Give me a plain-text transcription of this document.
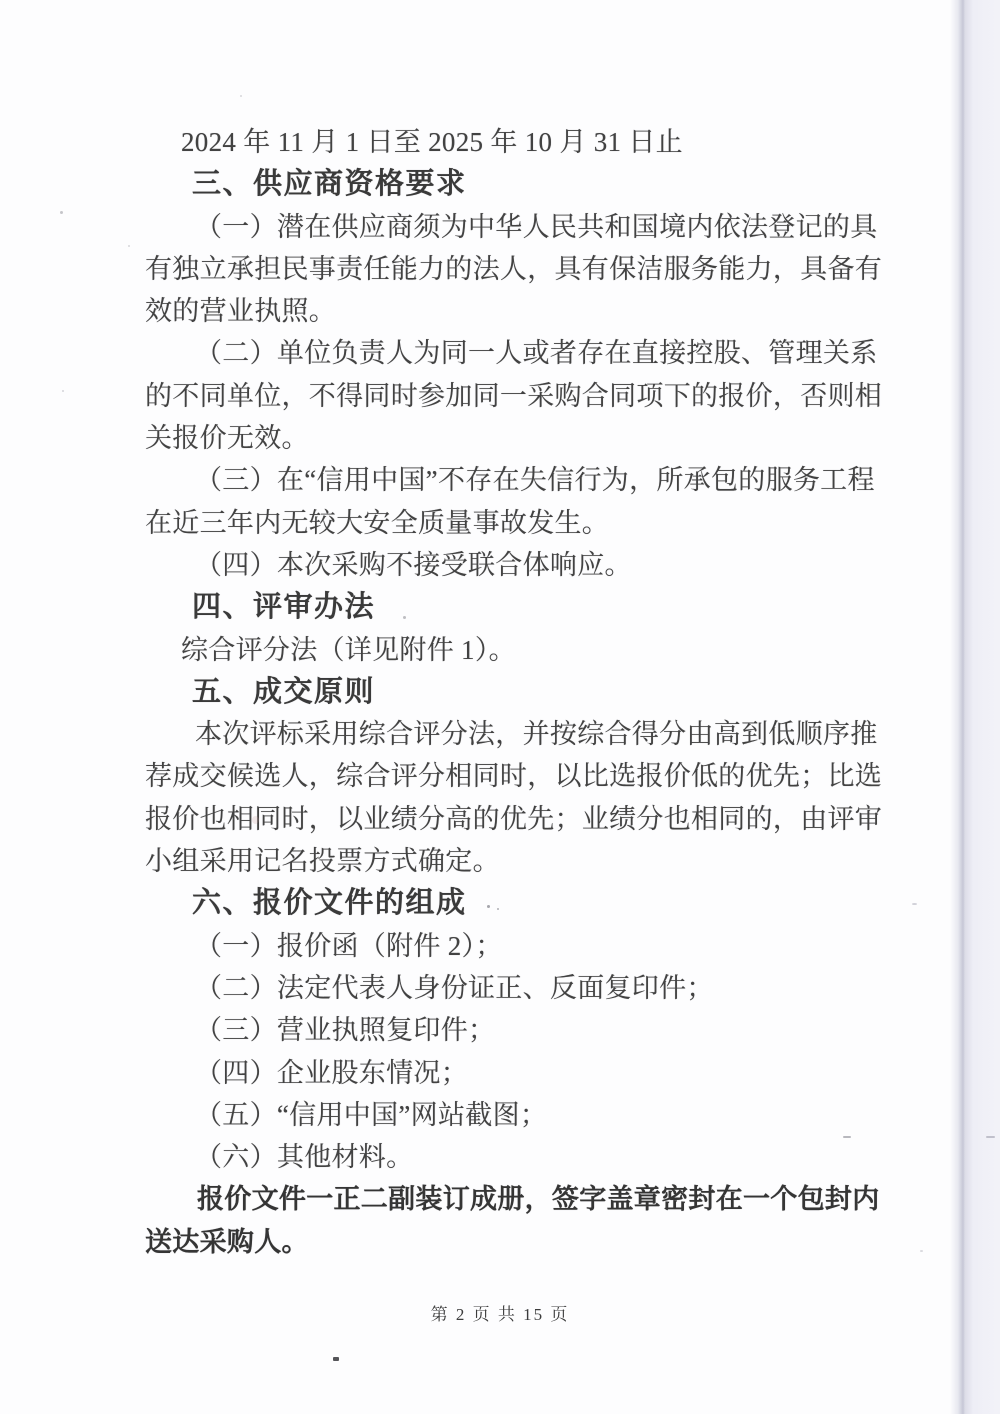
2024 年 11 月 1 日至 2025 年 10 月 31 日止
三、供应商资格要求
（一）潜在供应商须为中华人民共和国境内依法登记的具
有独立承担民事责任能力的法人，具有保洁服务能力，具备有
效的营业执照。
（二）单位负责人为同一人或者存在直接控股、管理关系
的不同单位，不得同时参加同一采购合同项下的报价，否则相
关报价无效。
（三）在“信用中国”不存在失信行为，所承包的服务工程
在近三年内无较大安全质量事故发生。
（四）本次采购不接受联合体响应。
四、评审办法
综合评分法（详见附件 1）。
五、成交原则
本次评标采用综合评分法，并按综合得分由高到低顺序推
荐成交候选人，综合评分相同时，以比选报价低的优先；比选
报价也相同时，以业绩分高的优先；业绩分也相同的，由评审
小组采用记名投票方式确定。
六、报价文件的组成
（一）报价函（附件 2）；
（二）法定代表人身份证正、反面复印件；
（三）营业执照复印件；
（四）企业股东情况；
（五）“信用中国”网站截图；
（六）其他材料。
报价文件一正二副装订成册，签字盖章密封在一个包封内
送达采购人。
第 2 页 共 15 页
